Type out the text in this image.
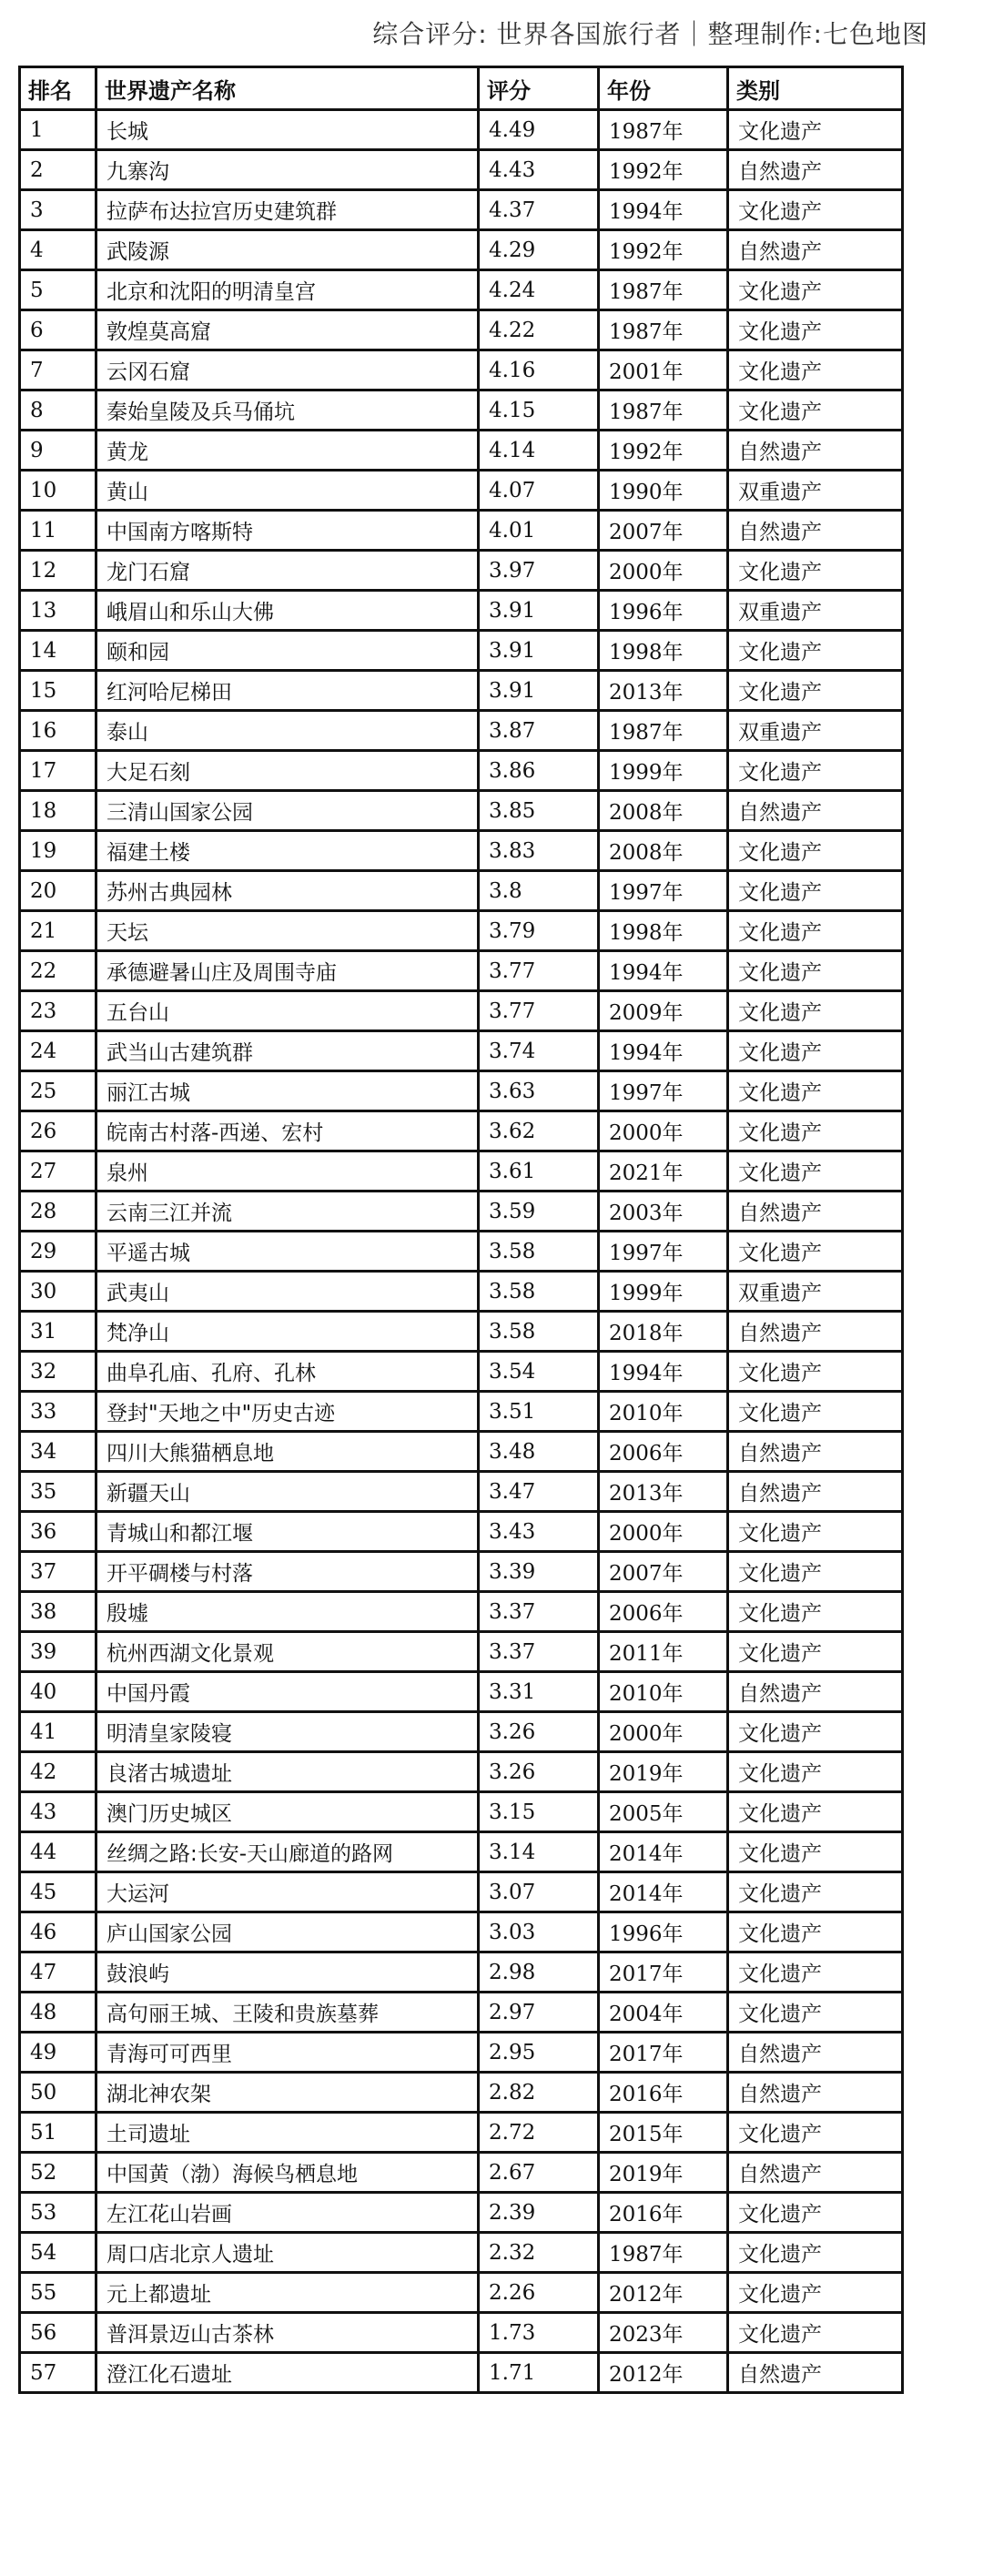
综合评分: 世界各国旅行者｜整理制作:七色地图
排名	世界遗产名称	评分	年份	类别
1	长城	4.49	1987年	文化遗产
2	九寨沟	4.43	1992年	自然遗产
3	拉萨布达拉宫历史建筑群	4.37	1994年	文化遗产
4	武陵源	4.29	1992年	自然遗产
5	北京和沈阳的明清皇宫	4.24	1987年	文化遗产
6	敦煌莫高窟	4.22	1987年	文化遗产
7	云冈石窟	4.16	2001年	文化遗产
8	秦始皇陵及兵马俑坑	4.15	1987年	文化遗产
9	黄龙	4.14	1992年	自然遗产
10	黄山	4.07	1990年	双重遗产
11	中国南方喀斯特	4.01	2007年	自然遗产
12	龙门石窟	3.97	2000年	文化遗产
13	峨眉山和乐山大佛	3.91	1996年	双重遗产
14	颐和园	3.91	1998年	文化遗产
15	红河哈尼梯田	3.91	2013年	文化遗产
16	泰山	3.87	1987年	双重遗产
17	大足石刻	3.86	1999年	文化遗产
18	三清山国家公园	3.85	2008年	自然遗产
19	福建土楼	3.83	2008年	文化遗产
20	苏州古典园林	3.8	1997年	文化遗产
21	天坛	3.79	1998年	文化遗产
22	承德避暑山庄及周围寺庙	3.77	1994年	文化遗产
23	五台山	3.77	2009年	文化遗产
24	武当山古建筑群	3.74	1994年	文化遗产
25	丽江古城	3.63	1997年	文化遗产
26	皖南古村落-西递、宏村	3.62	2000年	文化遗产
27	泉州	3.61	2021年	文化遗产
28	云南三江并流	3.59	2003年	自然遗产
29	平遥古城	3.58	1997年	文化遗产
30	武夷山	3.58	1999年	双重遗产
31	梵净山	3.58	2018年	自然遗产
32	曲阜孔庙、孔府、孔林	3.54	1994年	文化遗产
33	登封"天地之中"历史古迹	3.51	2010年	文化遗产
34	四川大熊猫栖息地	3.48	2006年	自然遗产
35	新疆天山	3.47	2013年	自然遗产
36	青城山和都江堰	3.43	2000年	文化遗产
37	开平碉楼与村落	3.39	2007年	文化遗产
38	殷墟	3.37	2006年	文化遗产
39	杭州西湖文化景观	3.37	2011年	文化遗产
40	中国丹霞	3.31	2010年	自然遗产
41	明清皇家陵寝	3.26	2000年	文化遗产
42	良渚古城遗址	3.26	2019年	文化遗产
43	澳门历史城区	3.15	2005年	文化遗产
44	丝绸之路:长安-天山廊道的路网	3.14	2014年	文化遗产
45	大运河	3.07	2014年	文化遗产
46	庐山国家公园	3.03	1996年	文化遗产
47	鼓浪屿	2.98	2017年	文化遗产
48	高句丽王城、王陵和贵族墓葬	2.97	2004年	文化遗产
49	青海可可西里	2.95	2017年	自然遗产
50	湖北神农架	2.82	2016年	自然遗产
51	土司遗址	2.72	2015年	文化遗产
52	中国黄（渤）海候鸟栖息地	2.67	2019年	自然遗产
53	左江花山岩画	2.39	2016年	文化遗产
54	周口店北京人遗址	2.32	1987年	文化遗产
55	元上都遗址	2.26	2012年	文化遗产
56	普洱景迈山古茶林	1.73	2023年	文化遗产
57	澄江化石遗址	1.71	2012年	自然遗产
